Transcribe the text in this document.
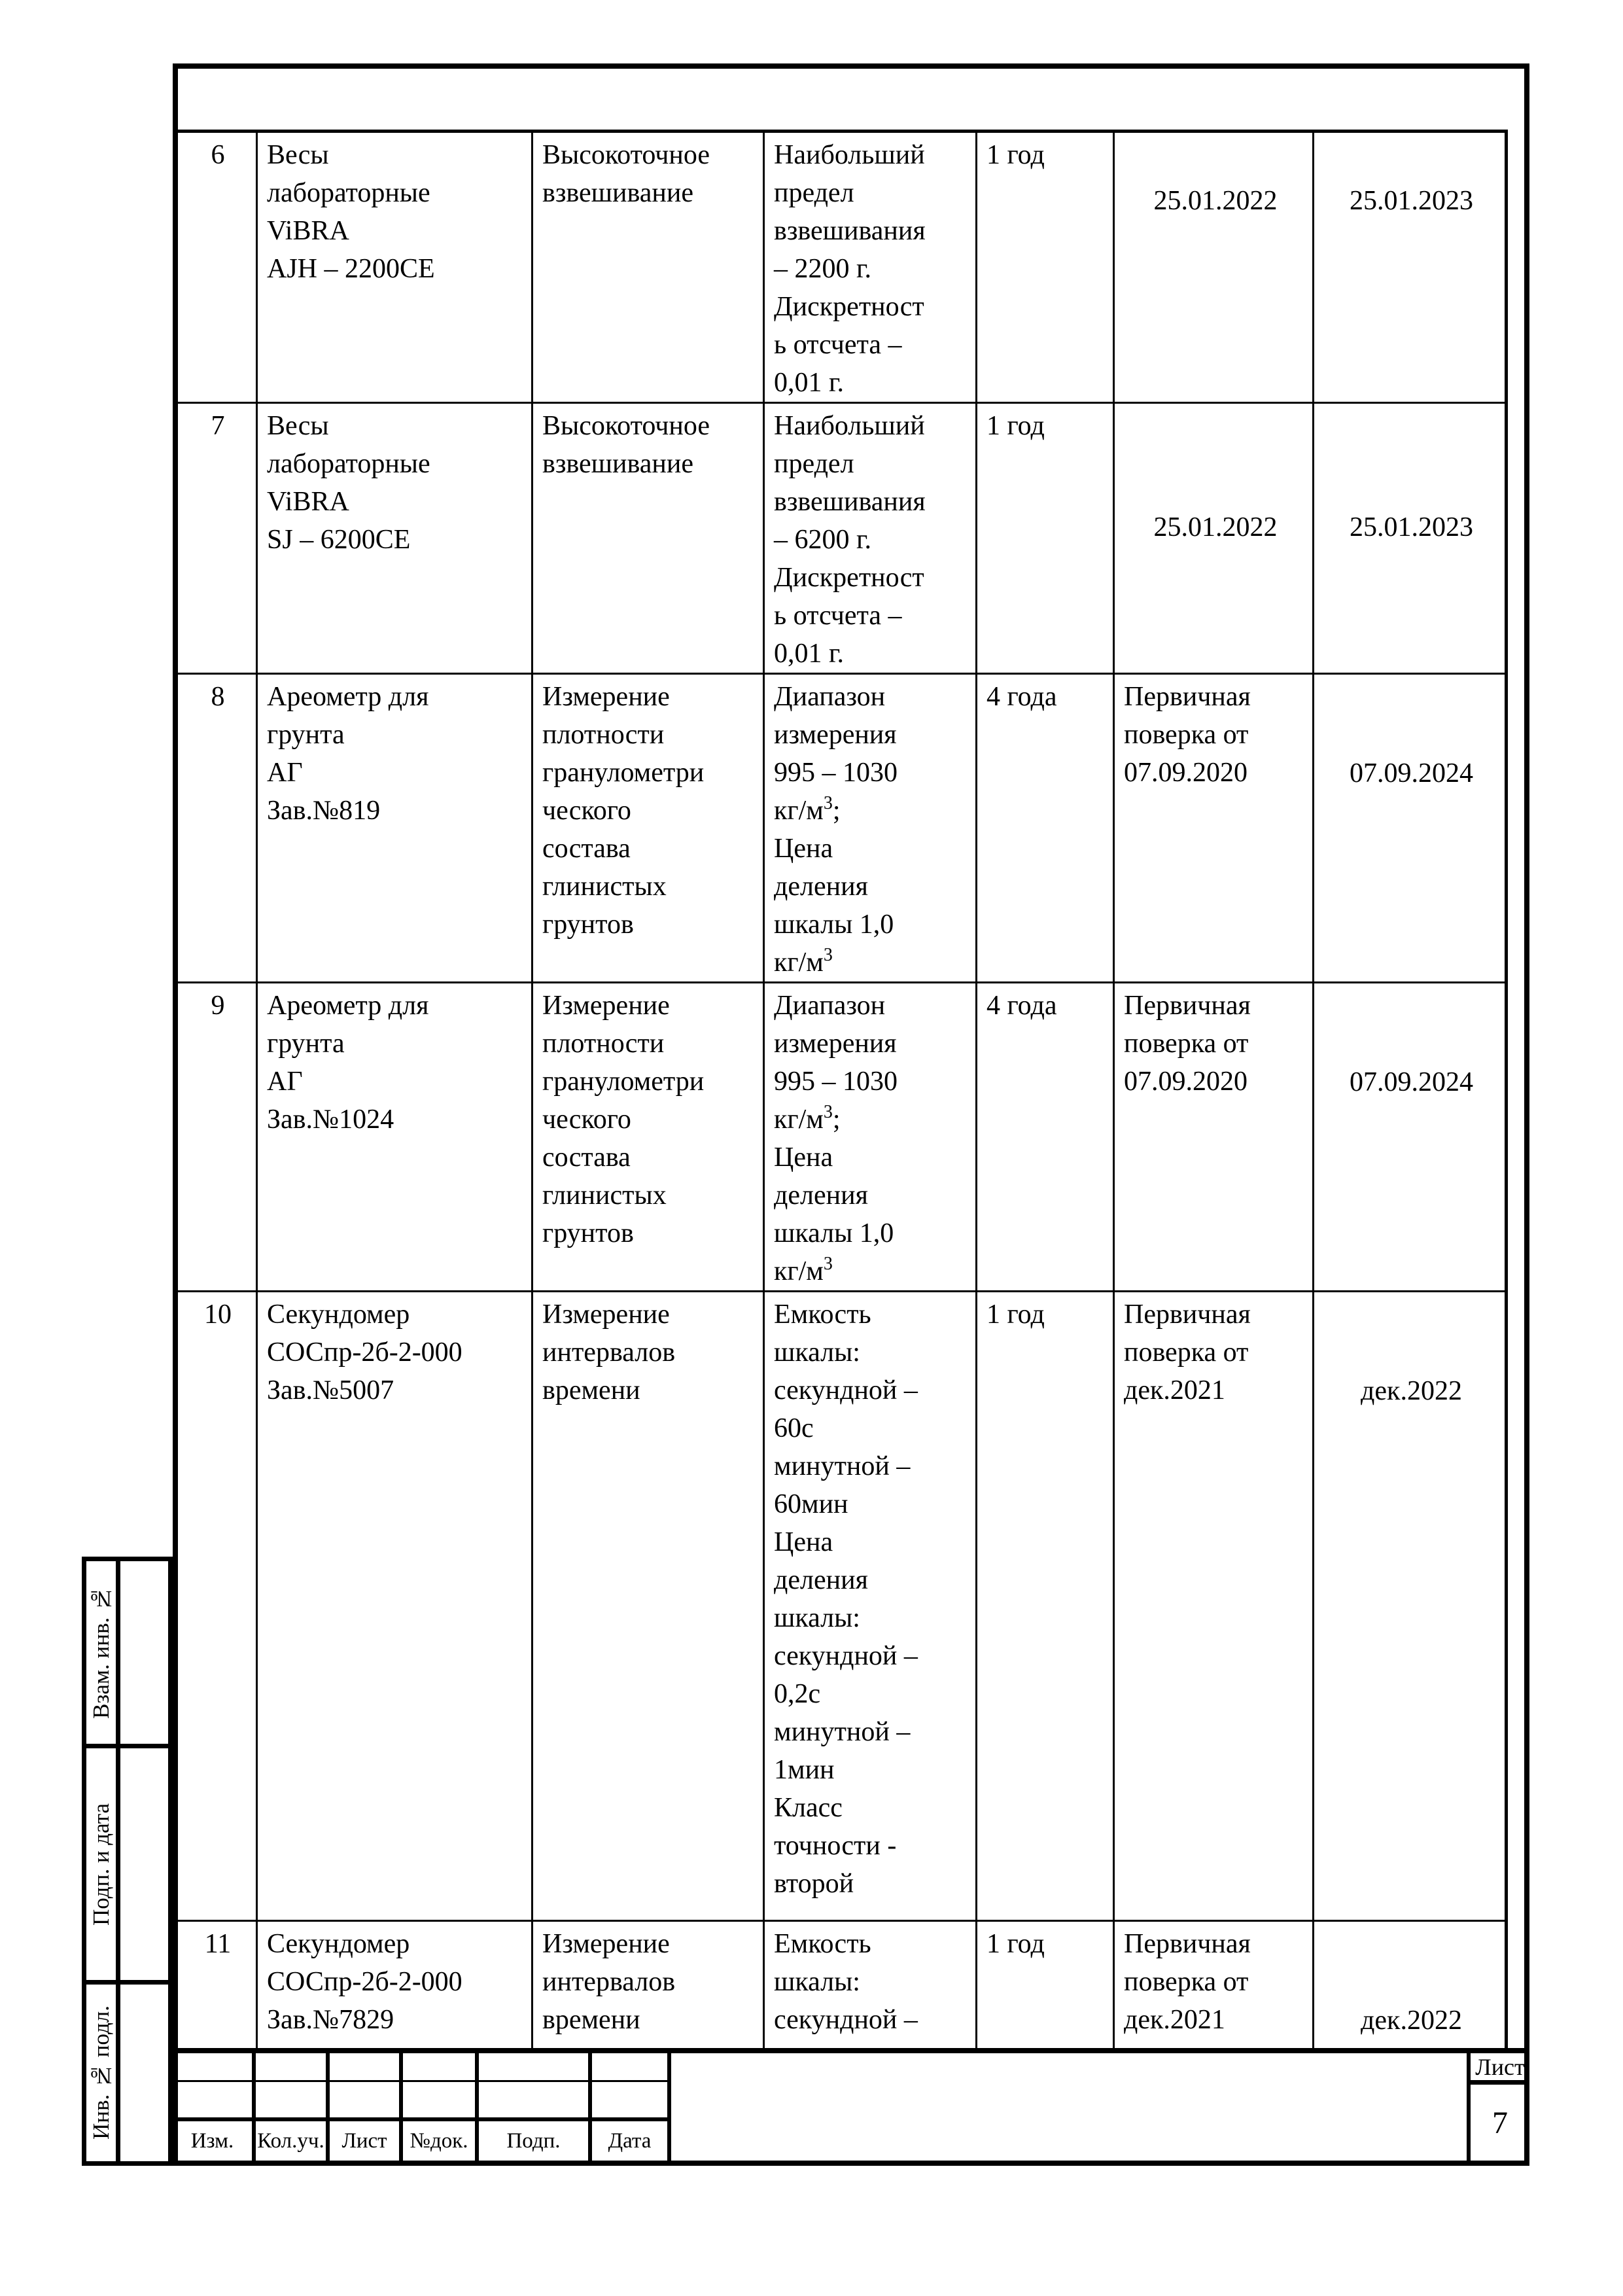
6	Весы
лабораторные
ViBRA
AJH – 2200CE	Высокоточное
взвешивание	Наибольший
предел
взвешивания
– 2200 г.
Дискретност
ь отсчета –
0,01 г.	1 год	25.01.2022	25.01.2023
7	Весы
лабораторные
ViBRA
SJ – 6200CE	Высокоточное
взвешивание	Наибольший
предел
взвешивания
– 6200 г.
Дискретност
ь отсчета –
0,01 г.	1 год	25.01.2022	25.01.2023
8	Ареометр для
грунта
АГ
Зав.№819	Измерение
плотности
гранулометри
ческого
состава
глинистых
грунтов	Диапазон
измерения
995 – 1030
$кг/м^3$;
Цена
деления
шкалы 1,0
$кг/м^3$	4 года	Первичная
поверка от
07.09.2020	07.09.2024
9	Ареометр для
грунта
АГ
Зав.№1024	Измерение
плотности
гранулометри
ческого
состава
глинистых
грунтов	Диапазон
измерения
995 – 1030
$кг/м^3$;
Цена
деления
шкалы 1,0
$кг/м^3$	4 года	Первичная
поверка от
07.09.2020	07.09.2024
10	Секундомер
СОСпр-2б-2-000
Зав.№5007	Измерение
интервалов
времени	Емкость
шкалы:
секундной –
60с
минутной –
60мин
Цена
деления
шкалы:
секундной –
0,2с
минутной –
1мин
Класс
точности -
второй	1 год	Первичная
поверка от
дек.2021	дек.2022
11	Секундомер
СОСпр-2б-2-000
Зав.№7829	Измерение
интервалов
времени	Емкость
шкалы:
секундной –	1 год	Первичная
поверка от
дек.2021	дек.2022
Изм.	Кол.уч. Лист	№док.	Подп.	Дата
Лист
7
Взам. инв. №
Подп. и дата
Инв. № подл.
